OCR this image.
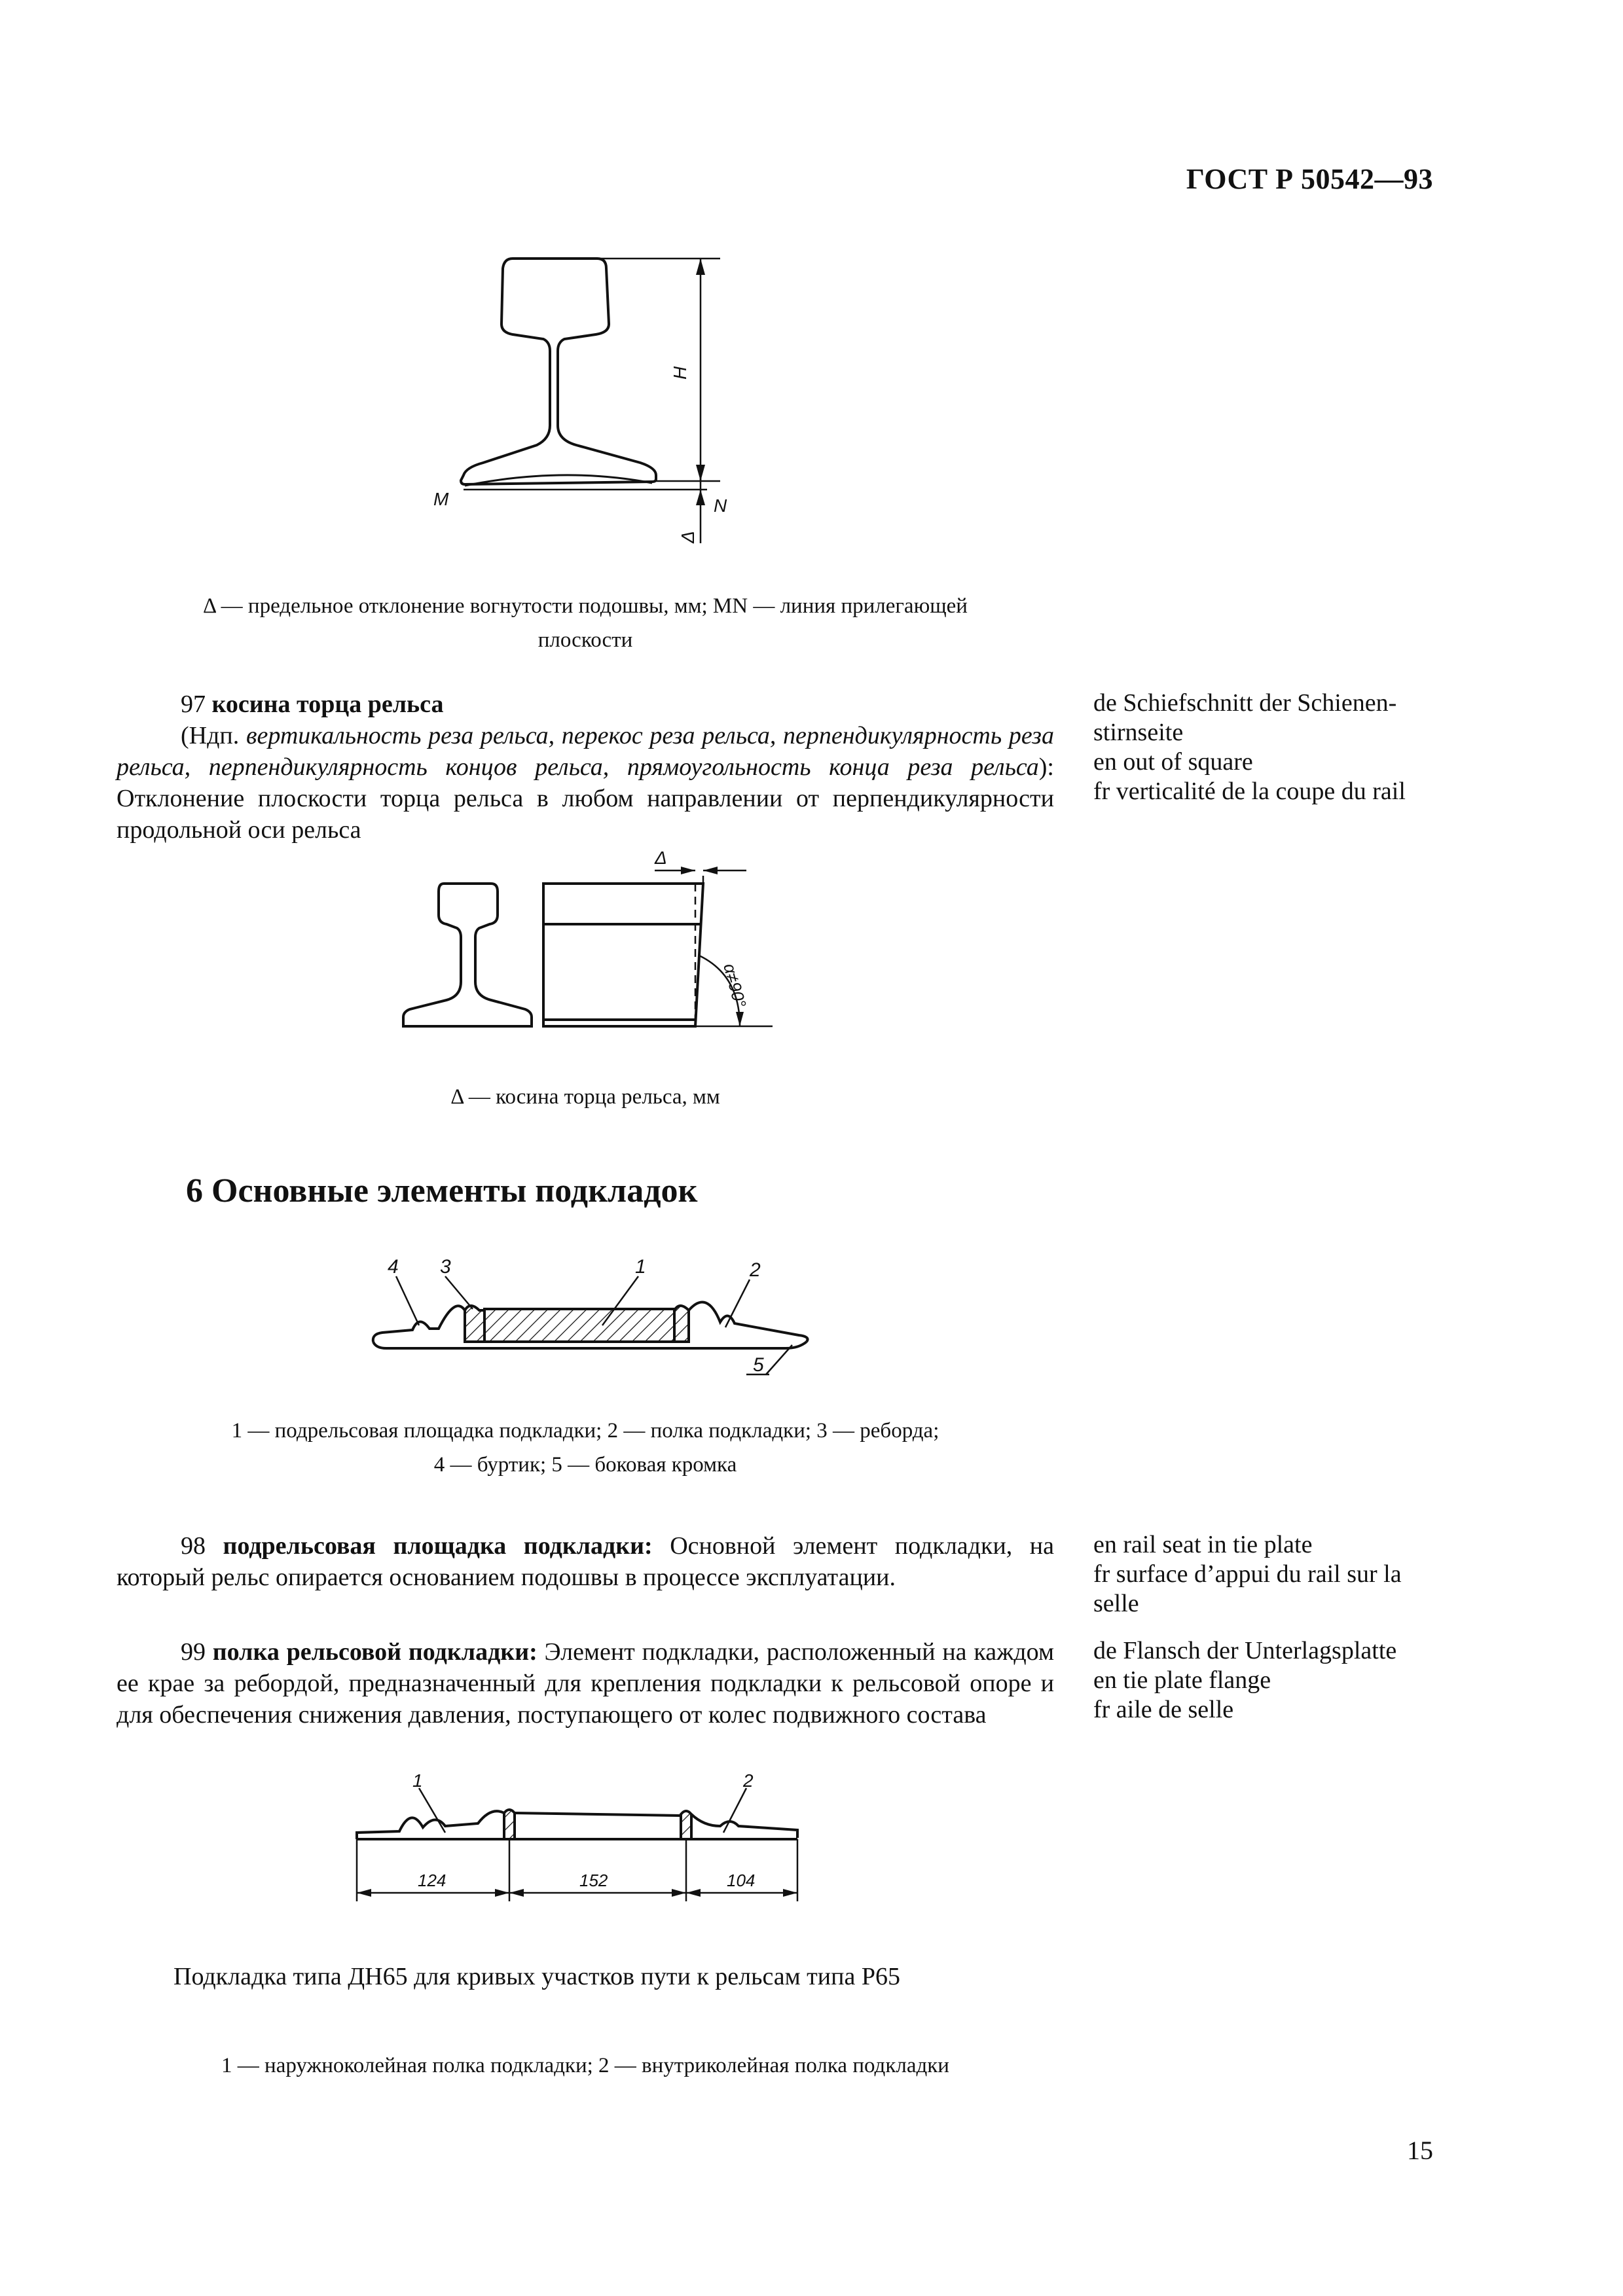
ГОСТ Р 50542—93
H
M	N
Δ
Δ — предельное отклонение вогнутости подошвы, мм; MN — линия прилегающей
плоскости
97 косина торца рельса
(Ндп. вертикальность реза рельса, перекос реза рельса, перпендикулярность реза рельса, перпендикулярность концов рельса, прямоугольность конца реза рельса): Отклонение плоскости торца рельса в любом направлении от перпендикулярности продольной оси рельса
de Schiefschnitt der Schienen-
stirnseite
en out of square
fr verticalité de la coupe du rail
Δ
α≠90°
Δ — косина торца рельса, мм
6 Основные элементы подкладок
4 3	1	2
5
1 — подрельсовая площадка подкладки; 2 — полка подкладки; 3 — реборда;
4 — буртик; 5 — боковая кромка
98 подрельсовая площадка подкладки: Основной элемент подкладки, на который рельс опирается основанием подошвы в процессе эксплуатации.
en rail seat in tie plate
fr surface d’appui du rail sur la
selle
99 полка рельсовой подкладки: Элемент подкладки, расположенный на каждом ее крае за ребордой, предназначенный для крепления подкладки к рельсовой опоре и для обеспечения снижения давления, поступающего от колес подвижного состава
de Flansch der Unterlagsplatte
en tie plate flange
fr aile de selle
1	2
124	152	104
Подкладка типа ДН65 для кривых участков пути к рельсам типа Р65
1 — наружноколейная полка подкладки; 2 — внутриколейная полка подкладки
15
